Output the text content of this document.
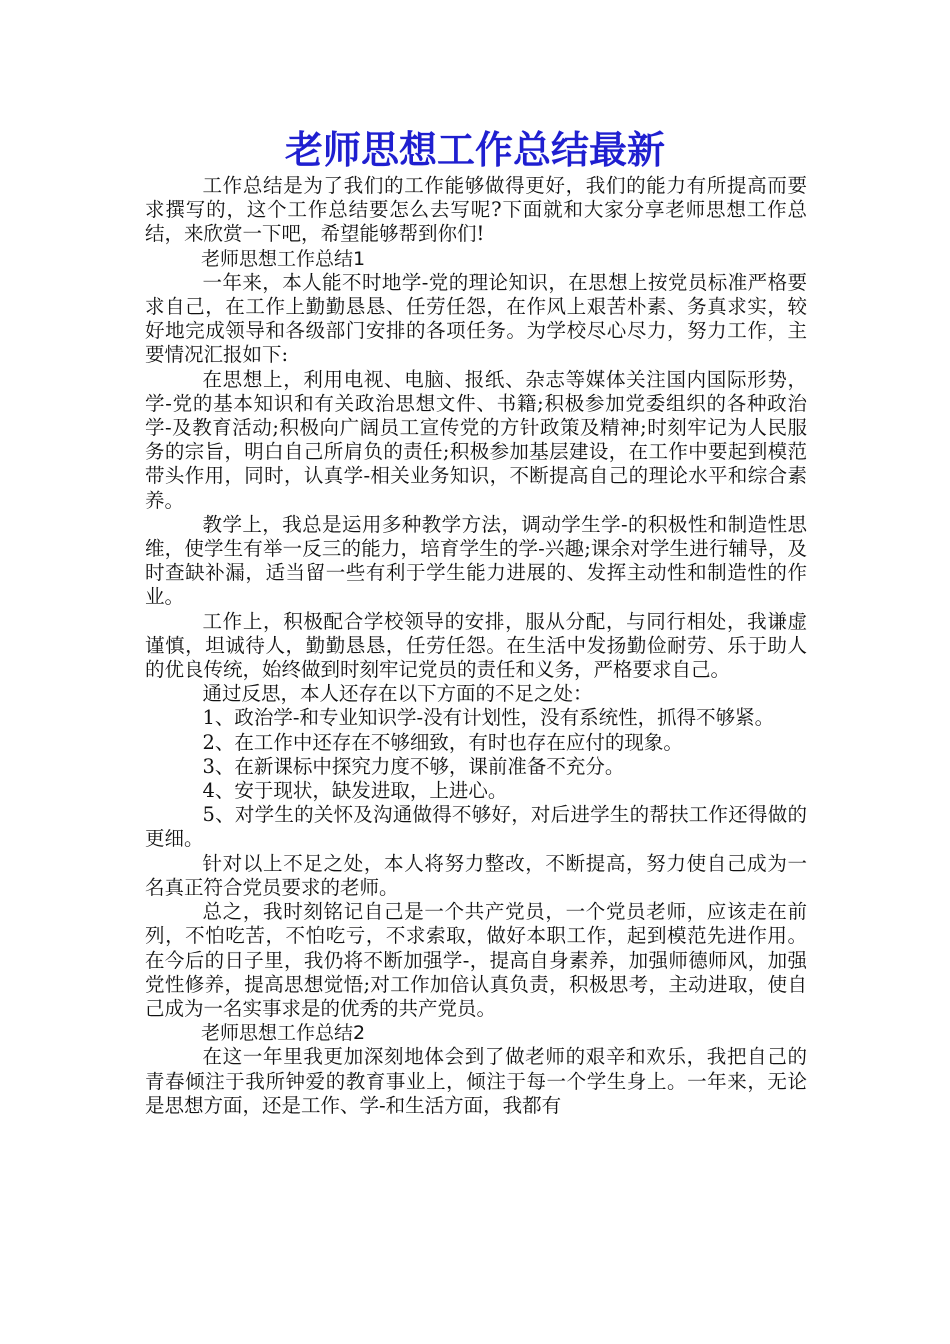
老师思想工作总结最新

工作总结是为了我们的工作能够做得更好，我们的能力有所提高而要求撰写的，这个工作总结要怎么去写呢?下面就和大家分享老师思想工作总结，来欣赏一下吧，希望能够帮到你们!

老师思想工作总结1

一年来，本人能不时地学-党的理论知识，在思想上按党员标准严格要求自己，在工作上勤勤恳恳、任劳任怨，在作风上艰苦朴素、务真求实，较好地完成领导和各级部门安排的各项任务。为学校尽心尽力，努力工作，主要情况汇报如下:

在思想上，利用电视、电脑、报纸、杂志等媒体关注国内国际形势，学-党的基本知识和有关政治思想文件、书籍;积极参加党委组织的各种政治学-及教育活动;积极向广阔员工宣传党的方针政策及精神;时刻牢记为人民服务的宗旨，明白自己所肩负的责任;积极参加基层建设，在工作中要起到模范带头作用，同时，认真学-相关业务知识，不断提高自己的理论水平和综合素养。

教学上，我总是运用多种教学方法，调动学生学-的积极性和制造性思维，使学生有举一反三的能力，培育学生的学-兴趣;课余对学生进行辅导，及时查缺补漏，适当留一些有利于学生能力进展的、发挥主动性和制造性的作业。

工作上，积极配合学校领导的安排，服从分配，与同行相处，我谦虚谨慎，坦诚待人，勤勤恳恳，任劳任怨。在生活中发扬勤俭耐劳、乐于助人的优良传统，始终做到时刻牢记党员的责任和义务，严格要求自己。

通过反思，本人还存在以下方面的不足之处：

1、政治学-和专业知识学-没有计划性，没有系统性，抓得不够紧。

2、在工作中还存在不够细致，有时也存在应付的现象。

3、在新课标中探究力度不够，课前准备不充分。

4、安于现状，缺发进取，上进心。

5、对学生的关怀及沟通做得不够好，对后进学生的帮扶工作还得做的更细。

针对以上不足之处，本人将努力整改，不断提高，努力使自己成为一名真正符合党员要求的老师。

总之，我时刻铭记自己是一个共产党员，一个党员老师，应该走在前列，不怕吃苦，不怕吃亏，不求索取，做好本职工作，起到模范先进作用。在今后的日子里，我仍将不断加强学-，提高自身素养，加强师德师风，加强党性修养，提高思想觉悟;对工作加倍认真负责，积极思考，主动进取，使自己成为一名实事求是的优秀的共产党员。

老师思想工作总结2

在这一年里我更加深刻地体会到了做老师的艰辛和欢乐，我把自己的青春倾注于我所钟爱的教育事业上，倾注于每一个学生身上。一年来，无论是思想方面，还是工作、学-和生活方面，我都有
